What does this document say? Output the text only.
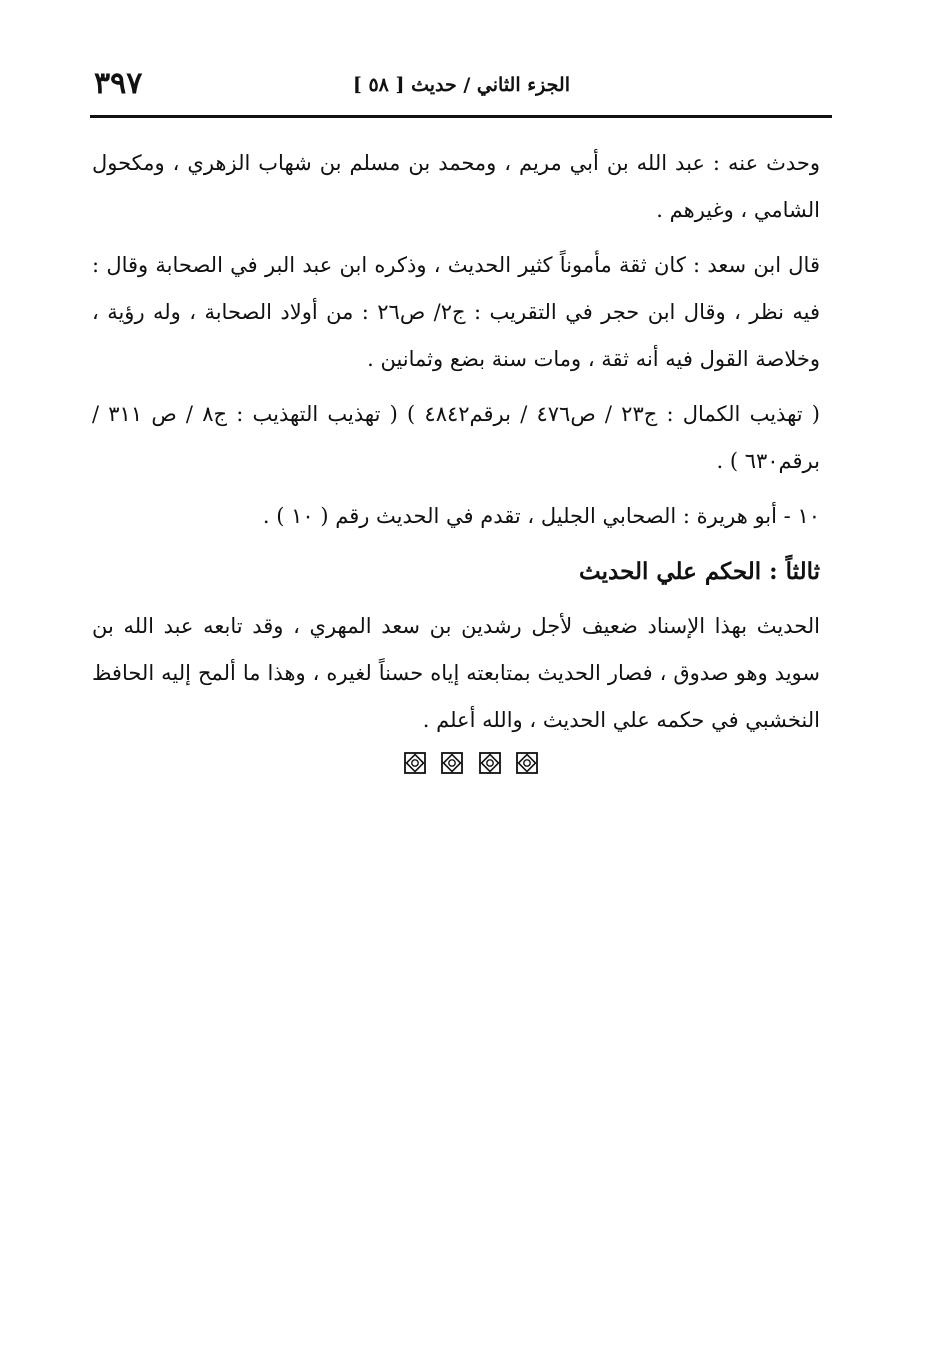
الجزء الثاني / حديث [ ٥٨ ]
٣٩٧

وحدث عنه : عبد الله بن أبي مريم ، ومحمد بن مسلم بن شهاب الزهري ، ومكحول الشامي ، وغيرهم .

قال ابن سعد : كان ثقة مأموناً كثير الحديث ، وذكره ابن عبد البر في الصحابة وقال : فيه نظر ، وقال ابن حجر في التقريب : ج٢/ ص٢٦ : من أولاد الصحابة ، وله رؤية ، وخلاصة القول فيه أنه ثقة ، ومات سنة بضع وثمانين .

( تهذيب الكمال : ج٢٣ / ص٤٧٦ / برقم٤٨٤٢ ) ( تهذيب التهذيب : ج٨ / ص ٣١١ / برقم٦٣٠ ) .

١٠ - أبو هريرة : الصحابي الجليل ، تقدم في الحديث رقم ( ١٠ ) .

ثالثاً : الحكم علي الحديث

الحديث بهذا الإسناد ضعيف لأجل رشدين بن سعد المهري ، وقد تابعه عبد الله بن سويد وهو صدوق ، فصار الحديث بمتابعته إياه حسناً لغيره ، وهذا ما ألمح إليه الحافظ النخشبي في حكمه علي الحديث ، والله أعلم .
